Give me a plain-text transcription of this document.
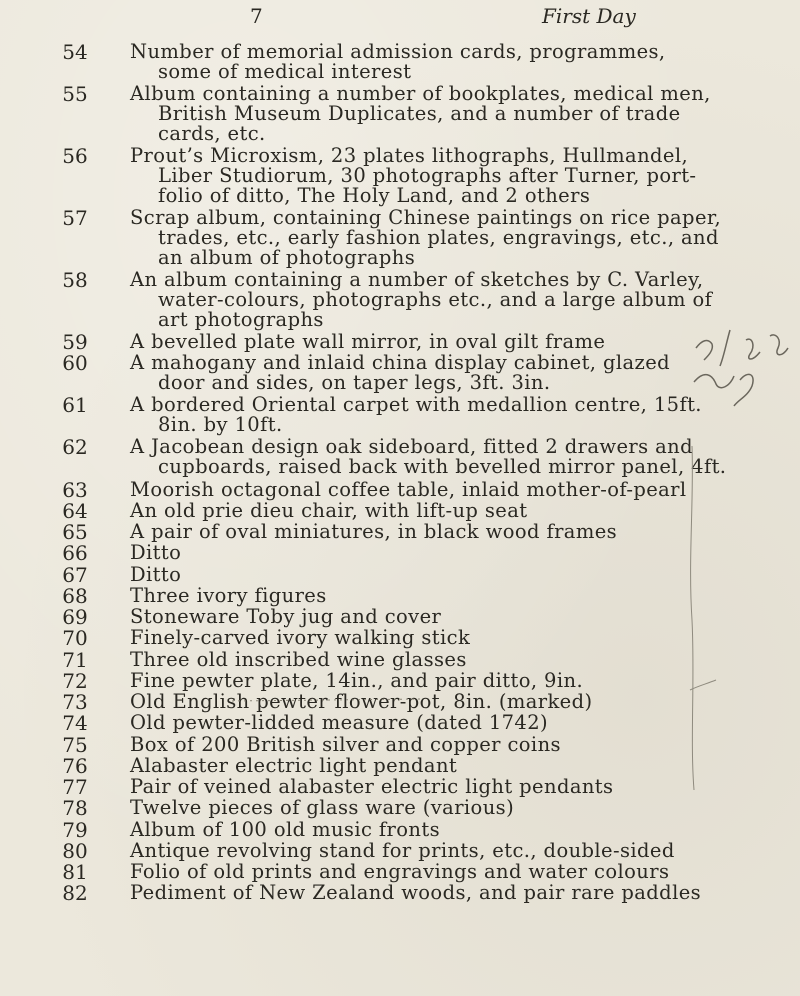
7	First Day
54 Number of memorial admission cards, programmes,
some of medical interest
55 Album containing a number of bookplates, medical men,
British Museum Duplicates, and a number of trade
cards, etc.
56 Prout’s Microxism, 23 plates lithographs, Hullmandel,
Liber Studiorum, 30 photographs after Turner, port-
folio of ditto, The Holy Land, and 2 others
57 Scrap album, containing Chinese paintings on rice paper,
trades, etc., early fashion plates, engravings, etc., and
an album of photographs
58 An album containing a number of sketches by C. Varley,
water-colours, photographs etc., and a large album of
art photographs
59 A bevelled plate wall mirror, in oval gilt frame
60 A mahogany and inlaid china display cabinet, glazed
door and sides, on taper legs, 3ft. 3in.
61 A bordered Oriental carpet with medallion centre, 15ft.
8in. by 10ft.
62 A Jacobean design oak sideboard, fitted 2 drawers and
cupboards, raised back with bevelled mirror panel, 4ft.
63 Moorish octagonal coffee table, inlaid mother-of-pearl
64 An old prie dieu chair, with lift-up seat
65 A pair of oval miniatures, in black wood frames
66 Ditto
67 Ditto
68 Three ivory figures
69 Stoneware Toby jug and cover
70 Finely-carved ivory walking stick
71 Three old inscribed wine glasses
72 Fine pewter plate, 14in., and pair ditto, 9in.
73 Old English pewter flower-pot, 8in. (marked)
74 Old pewter-lidded measure (dated 1742)
75 Box of 200 British silver and copper coins
76 Alabaster electric light pendant
77 Pair of veined alabaster electric light pendants
78 Twelve pieces of glass ware (various)
79 Album of 100 old music fronts
80 Antique revolving stand for prints, etc., double-sided
81 Folio of old prints and engravings and water colours
82 Pediment of New Zealand woods, and pair rare paddles
